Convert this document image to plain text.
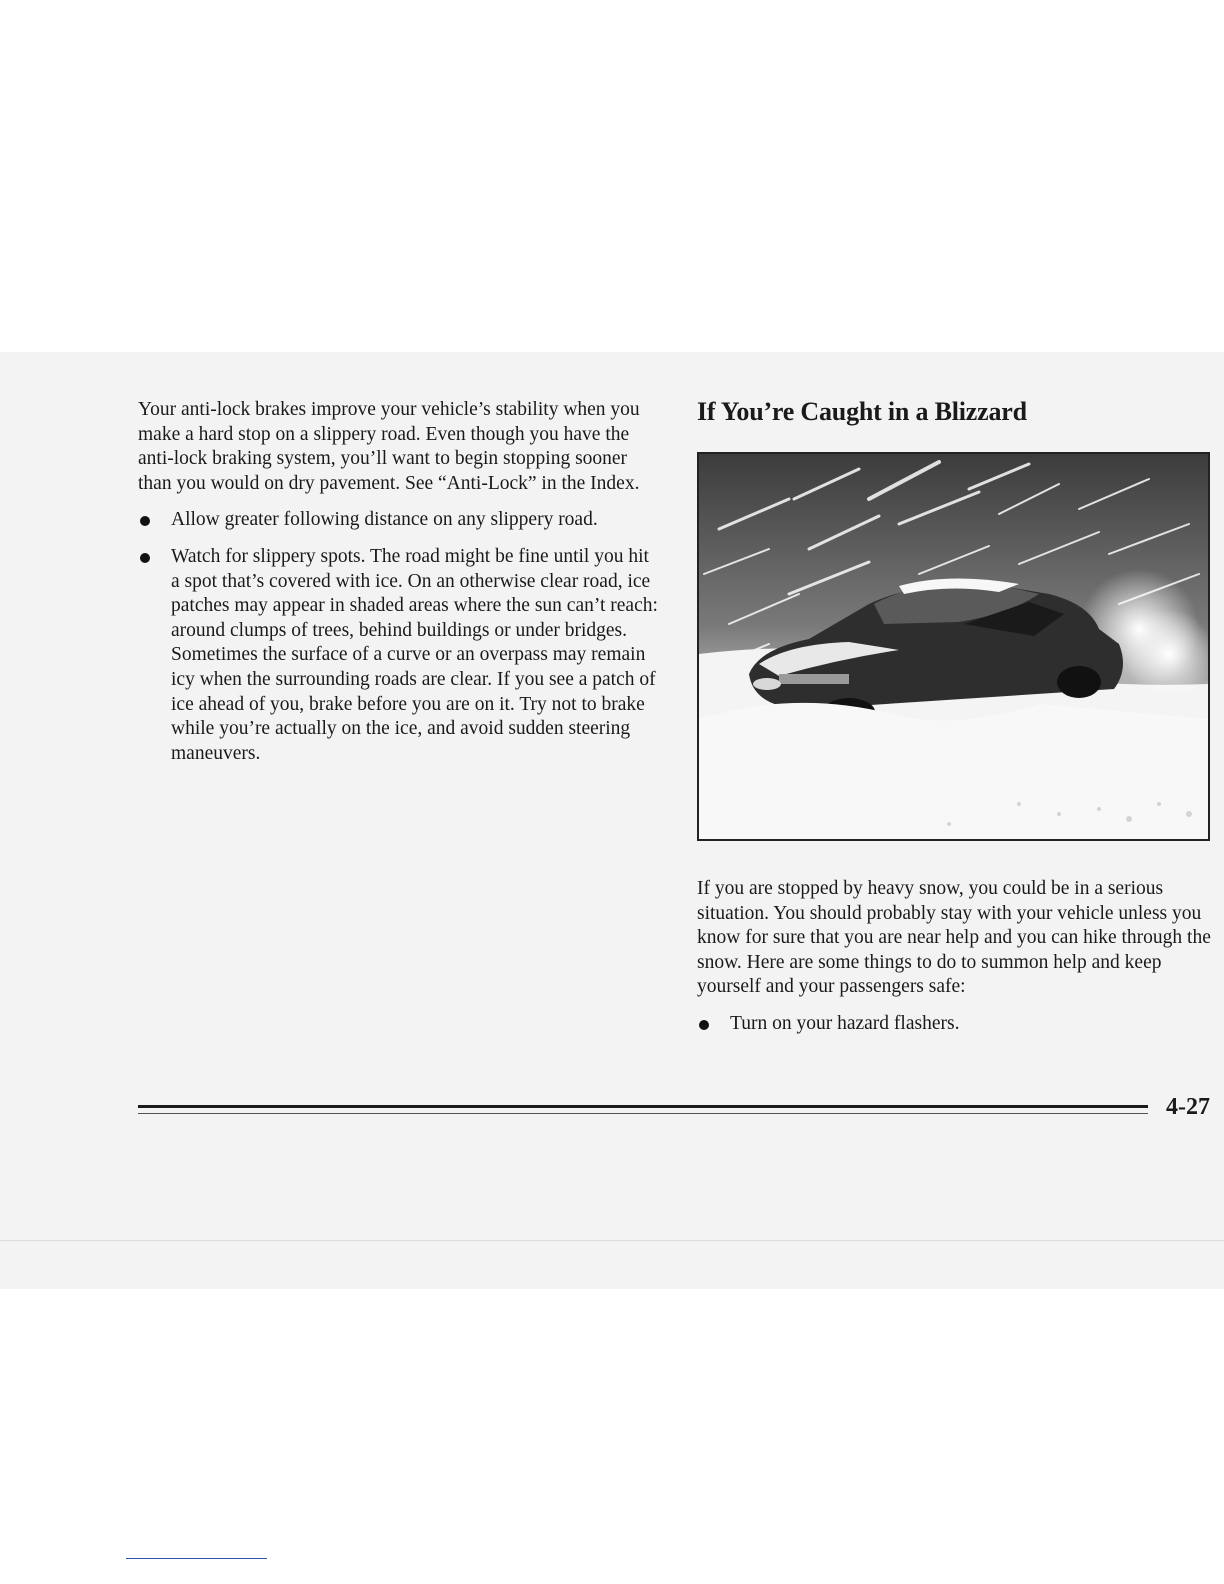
Your anti-lock brakes improve your vehicle’s stability when you make a hard stop on a slippery road. Even though you have the anti-lock braking system, you’ll want to begin stopping sooner than you would on dry pavement. See “Anti-Lock” in the Index.

Allow greater following distance on any slippery road.
Watch for slippery spots. The road might be fine until you hit a spot that’s covered with ice. On an otherwise clear road, ice patches may appear in shaded areas where the sun can’t reach: around clumps of trees, behind buildings or under bridges. Sometimes the surface of a curve or an overpass may remain icy when the surrounding roads are clear. If you see a patch of ice ahead of you, brake before you are on it. Try not to brake while you’re actually on the ice, and avoid sudden steering maneuvers.
If You’re Caught in a Blizzard

If you are stopped by heavy snow, you could be in a serious situation. You should probably stay with your vehicle unless you know for sure that you are near help and you can hike through the snow. Here are some things to do to summon help and keep yourself and your passengers safe:

Turn on your hazard flashers.
4-27
